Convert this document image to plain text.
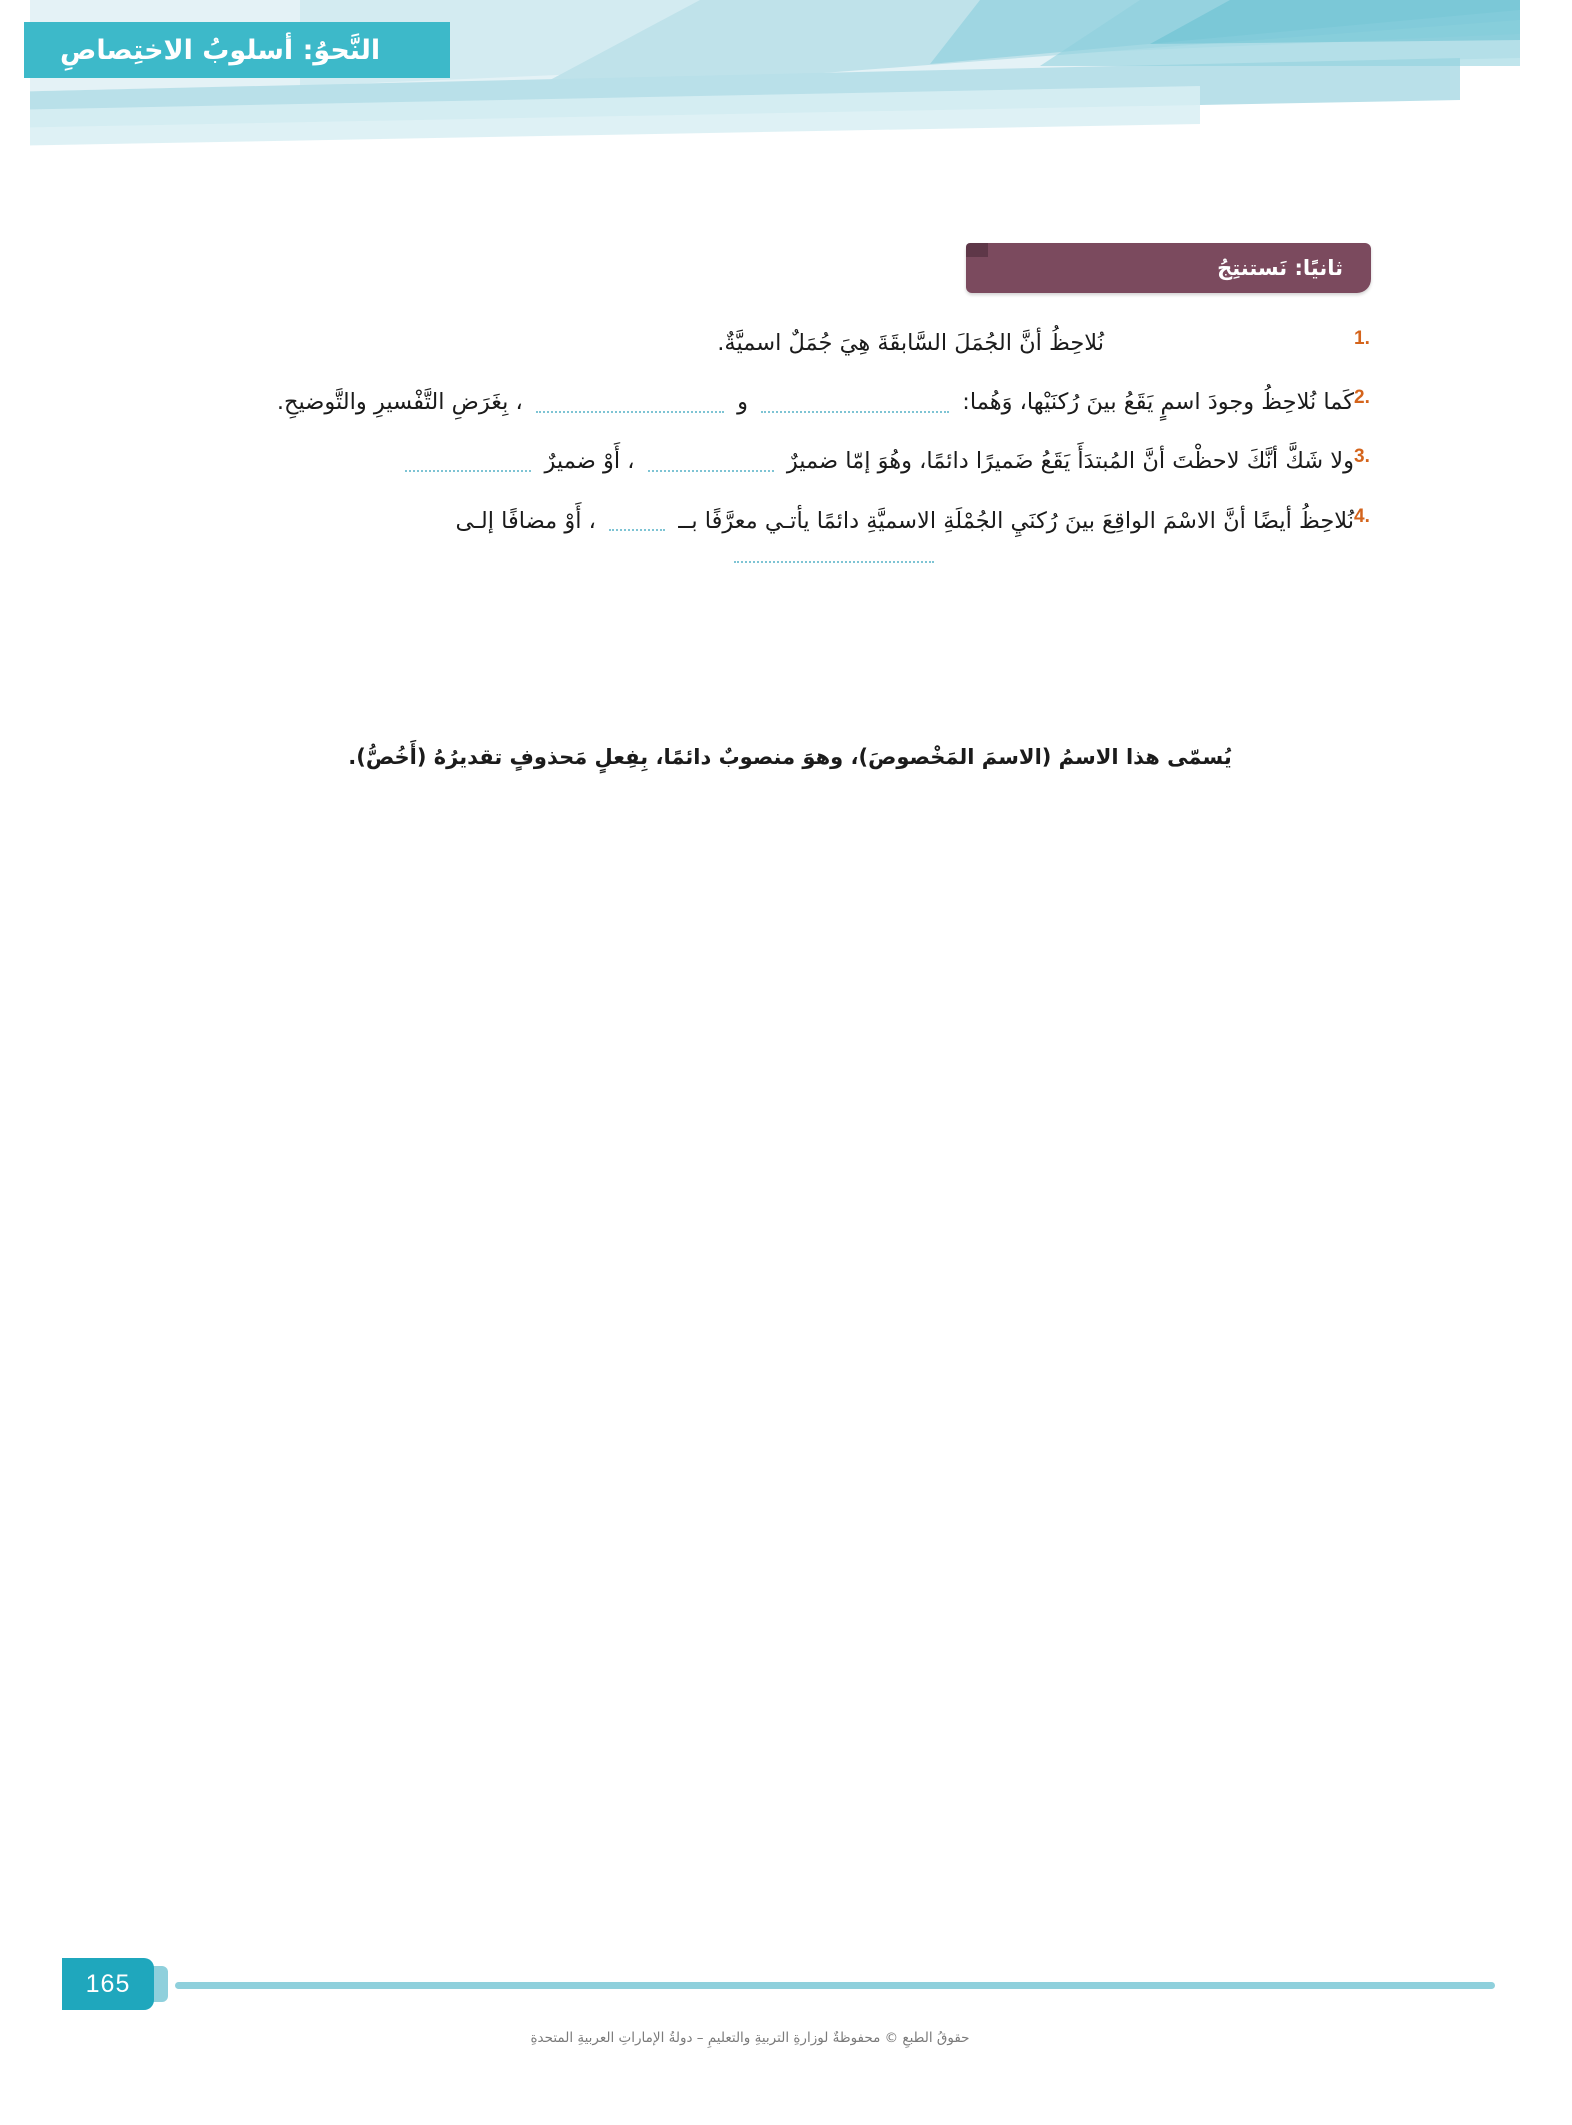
النَّحوُ: أسلوبُ الاختِصاصِ
ثانيًا: نَستنتِجُ
1.
نُلاحِظُ أنَّ الجُمَلَ السَّابقَةَ هِيَ جُمَلٌ اسميَّةٌ.
2.
كَما نُلاحِظُ وجودَ اسمٍ يَقَعُ بينَ رُكنَيْها، وَهُما:  و  ، بِغَرَضِ التَّفْسيرِ والتَّوضيحِ.
3.
ولا شَكَّ أنَّكَ لاحظْتَ أنَّ المُبتدَأَ يَقَعُ ضَميرًا دائمًا، وهُوَ إمّا ضميرٌ  ، أَوْ ضميرٌ
4.
نُلاحِظُ أيضًا أنَّ الاسْمَ الواقِعَ بينَ رُكنَيِ الجُمْلَةِ الاسميَّةِ دائمًا يأتـي معرَّفًا بــ  ، أَوْ مضافًا إلـى
يُسمّى هذا الاسمُ (الاسمَ المَخْصوصَ)، وهوَ منصوبٌ دائمًا، بِفِعلٍ مَحذوفٍ تقديرُهُ (أَخُصُّ).
165
حقوقُ الطبعِ © محفوظةٌ لوزارةِ التربيةِ والتعليمِ – دولةُ الإماراتِ العربيةِ المتحدةِ
